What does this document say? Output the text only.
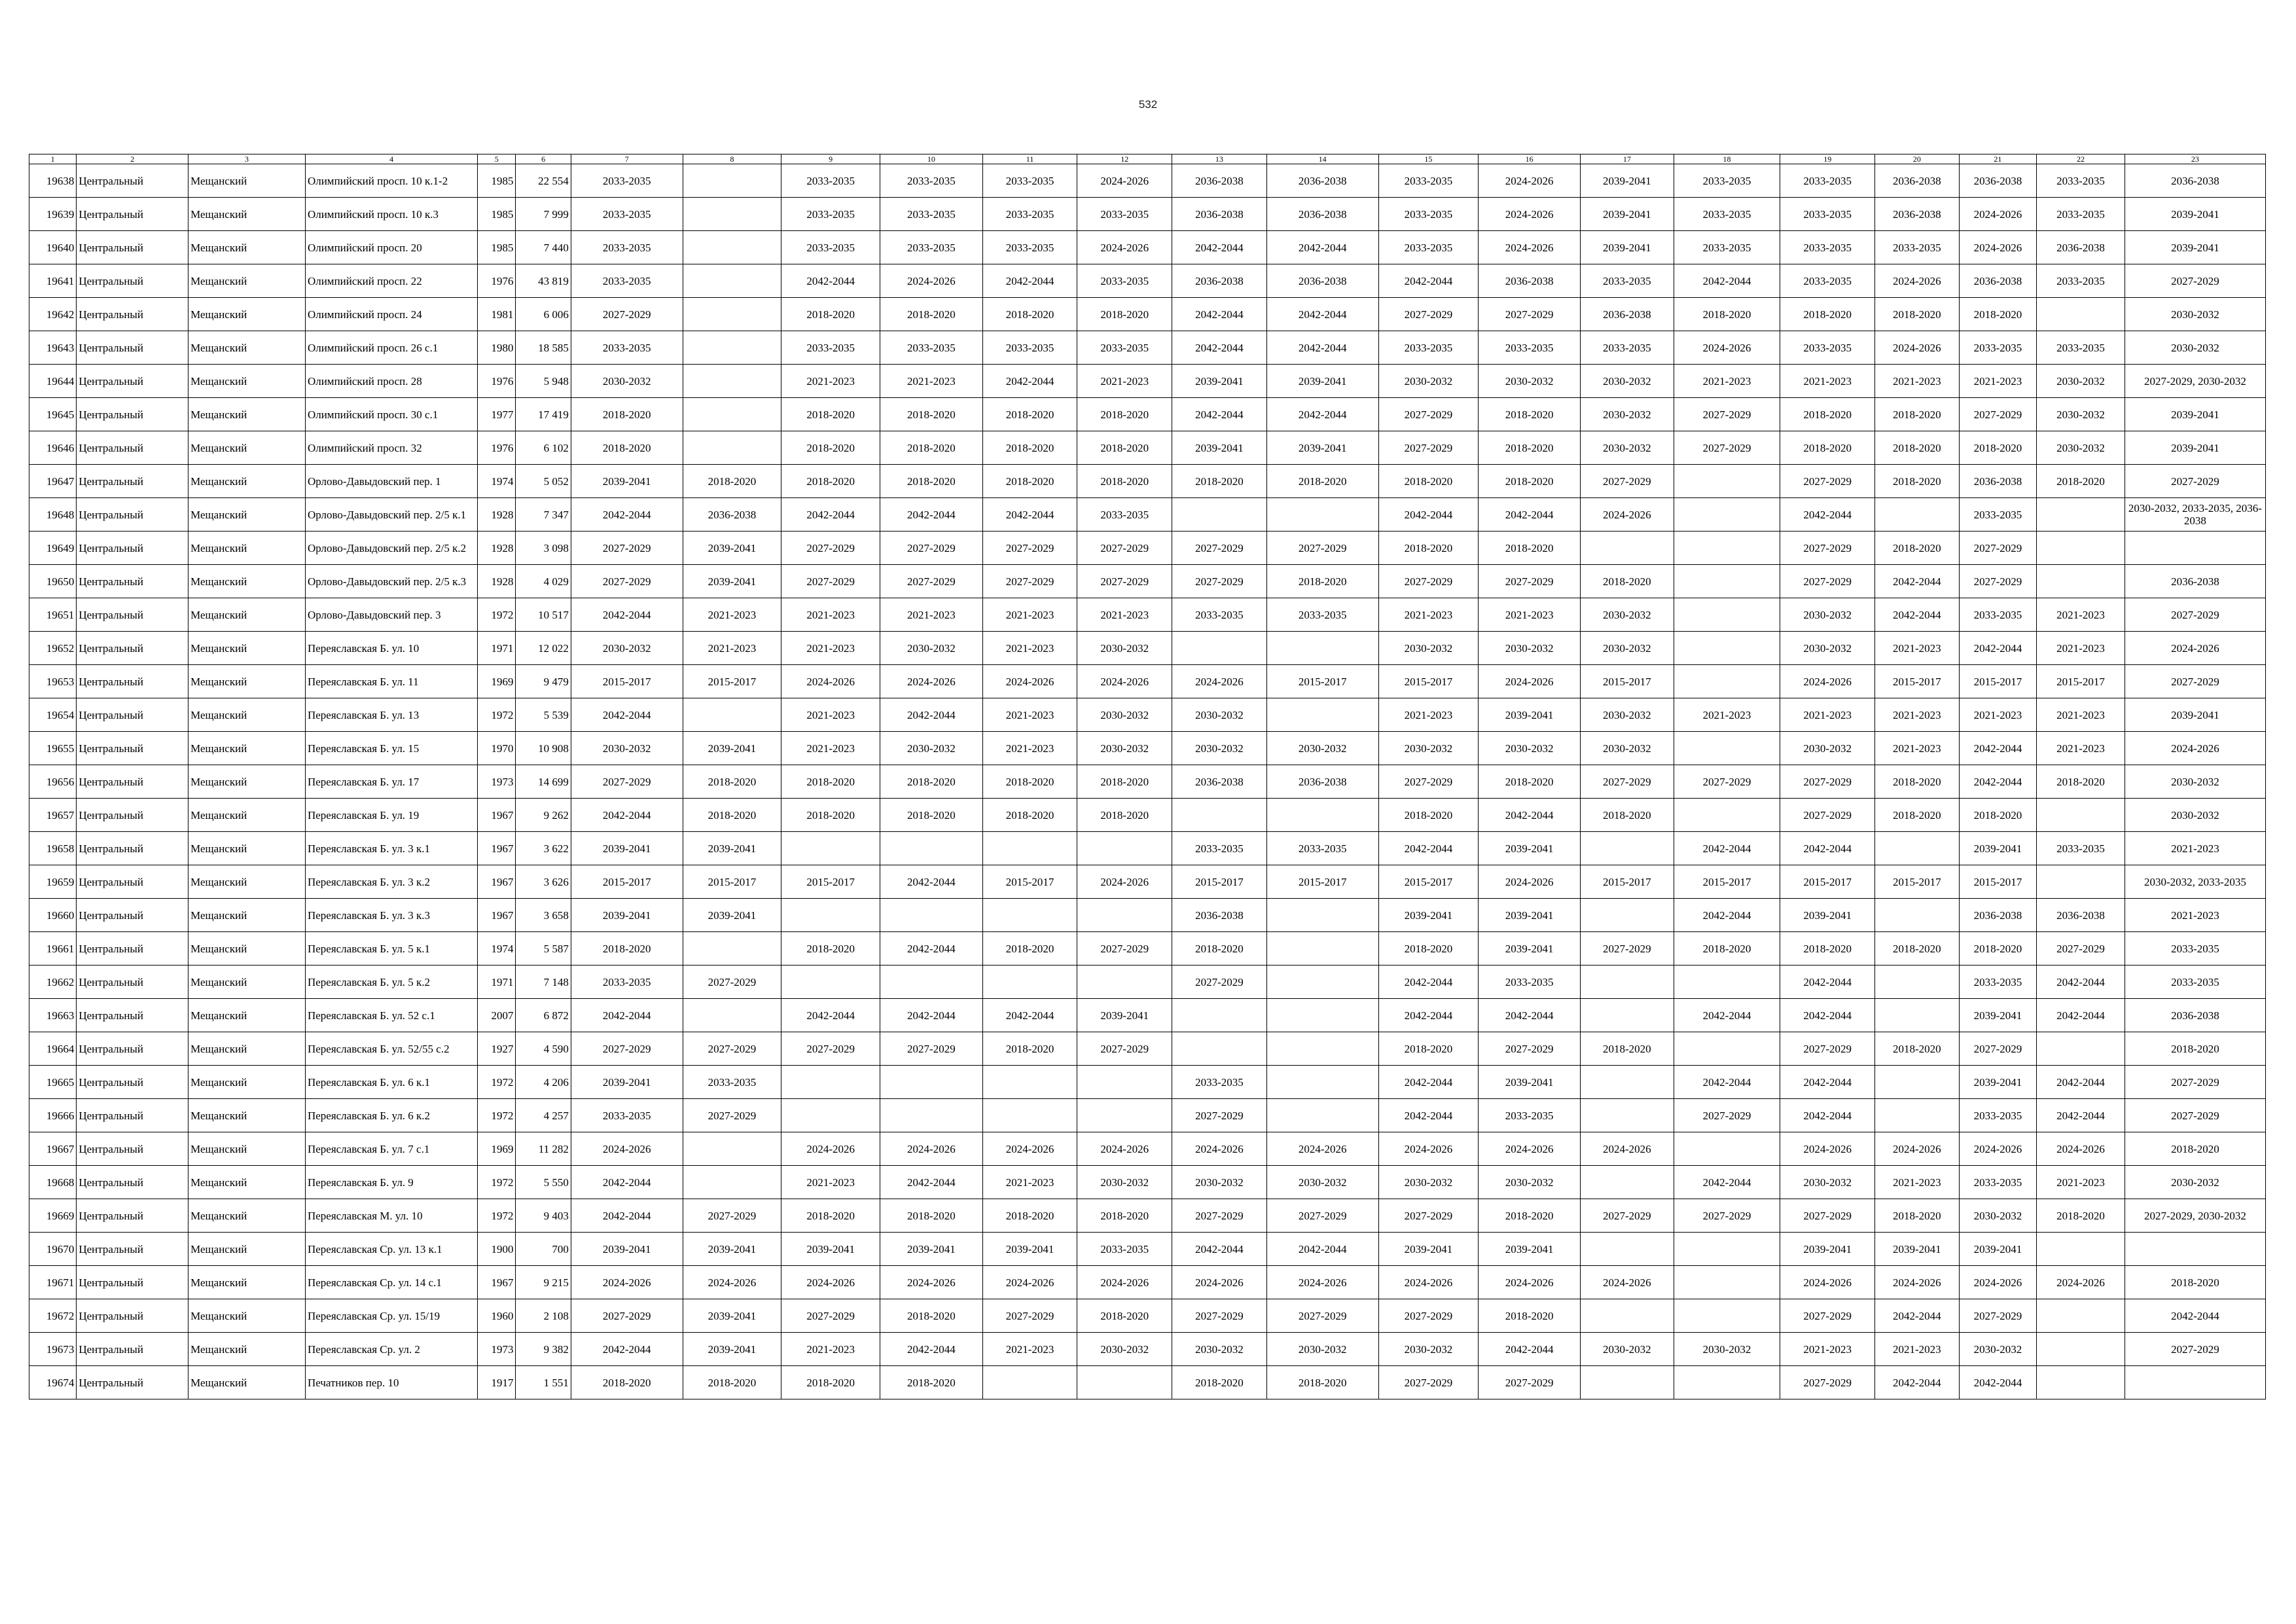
532
1	2	3	4	5	6	7	8	9	10	11	12	13	14	15	16	17	18	19	20	21	22	23
19638	Центральный	Мещанский	Олимпийский просп. 10 к.1-2	1985	22 554	2033-2035		2033-2035	2033-2035	2033-2035	2024-2026	2036-2038	2036-2038	2033-2035	2024-2026	2039-2041	2033-2035	2033-2035	2036-2038	2036-2038	2033-2035	2036-2038
19639	Центральный	Мещанский	Олимпийский просп. 10 к.3	1985	7 999	2033-2035		2033-2035	2033-2035	2033-2035	2033-2035	2036-2038	2036-2038	2033-2035	2024-2026	2039-2041	2033-2035	2033-2035	2036-2038	2024-2026	2033-2035	2039-2041
19640	Центральный	Мещанский	Олимпийский просп. 20	1985	7 440	2033-2035		2033-2035	2033-2035	2033-2035	2024-2026	2042-2044	2042-2044	2033-2035	2024-2026	2039-2041	2033-2035	2033-2035	2033-2035	2024-2026	2036-2038	2039-2041
19641	Центральный	Мещанский	Олимпийский просп. 22	1976	43 819	2033-2035		2042-2044	2024-2026	2042-2044	2033-2035	2036-2038	2036-2038	2042-2044	2036-2038	2033-2035	2042-2044	2033-2035	2024-2026	2036-2038	2033-2035	2027-2029
19642	Центральный	Мещанский	Олимпийский просп. 24	1981	6 006	2027-2029		2018-2020	2018-2020	2018-2020	2018-2020	2042-2044	2042-2044	2027-2029	2027-2029	2036-2038	2018-2020	2018-2020	2018-2020	2018-2020		2030-2032
19643	Центральный	Мещанский	Олимпийский просп. 26 с.1	1980	18 585	2033-2035		2033-2035	2033-2035	2033-2035	2033-2035	2042-2044	2042-2044	2033-2035	2033-2035	2033-2035	2024-2026	2033-2035	2024-2026	2033-2035	2033-2035	2030-2032
19644	Центральный	Мещанский	Олимпийский просп. 28	1976	5 948	2030-2032		2021-2023	2021-2023	2042-2044	2021-2023	2039-2041	2039-2041	2030-2032	2030-2032	2030-2032	2021-2023	2021-2023	2021-2023	2021-2023	2030-2032	2027-2029, 2030-2032
19645	Центральный	Мещанский	Олимпийский просп. 30 с.1	1977	17 419	2018-2020		2018-2020	2018-2020	2018-2020	2018-2020	2042-2044	2042-2044	2027-2029	2018-2020	2030-2032	2027-2029	2018-2020	2018-2020	2027-2029	2030-2032	2039-2041
19646	Центральный	Мещанский	Олимпийский просп. 32	1976	6 102	2018-2020		2018-2020	2018-2020	2018-2020	2018-2020	2039-2041	2039-2041	2027-2029	2018-2020	2030-2032	2027-2029	2018-2020	2018-2020	2018-2020	2030-2032	2039-2041
19647	Центральный	Мещанский	Орлово-Давыдовский пер. 1	1974	5 052	2039-2041	2018-2020	2018-2020	2018-2020	2018-2020	2018-2020	2018-2020	2018-2020	2018-2020	2018-2020	2027-2029		2027-2029	2018-2020	2036-2038	2018-2020	2027-2029
19648	Центральный	Мещанский	Орлово-Давыдовский пер. 2/5 к.1	1928	7 347	2042-2044	2036-2038	2042-2044	2042-2044	2042-2044	2033-2035			2042-2044	2042-2044	2024-2026		2042-2044		2033-2035		2030-2032, 2033-2035, 2036-2038
19649	Центральный	Мещанский	Орлово-Давыдовский пер. 2/5 к.2	1928	3 098	2027-2029	2039-2041	2027-2029	2027-2029	2027-2029	2027-2029	2027-2029	2027-2029	2018-2020	2018-2020			2027-2029	2018-2020	2027-2029		
19650	Центральный	Мещанский	Орлово-Давыдовский пер. 2/5 к.3	1928	4 029	2027-2029	2039-2041	2027-2029	2027-2029	2027-2029	2027-2029	2027-2029	2018-2020	2027-2029	2027-2029	2018-2020		2027-2029	2042-2044	2027-2029		2036-2038
19651	Центральный	Мещанский	Орлово-Давыдовский пер. 3	1972	10 517	2042-2044	2021-2023	2021-2023	2021-2023	2021-2023	2021-2023	2033-2035	2033-2035	2021-2023	2021-2023	2030-2032		2030-2032	2042-2044	2033-2035	2021-2023	2027-2029
19652	Центральный	Мещанский	Переяславская Б. ул. 10	1971	12 022	2030-2032	2021-2023	2021-2023	2030-2032	2021-2023	2030-2032			2030-2032	2030-2032	2030-2032		2030-2032	2021-2023	2042-2044	2021-2023	2024-2026
19653	Центральный	Мещанский	Переяславская Б. ул. 11	1969	9 479	2015-2017	2015-2017	2024-2026	2024-2026	2024-2026	2024-2026	2024-2026	2015-2017	2015-2017	2024-2026	2015-2017		2024-2026	2015-2017	2015-2017	2015-2017	2027-2029
19654	Центральный	Мещанский	Переяславская Б. ул. 13	1972	5 539	2042-2044		2021-2023	2042-2044	2021-2023	2030-2032	2030-2032		2021-2023	2039-2041	2030-2032	2021-2023	2021-2023	2021-2023	2021-2023	2021-2023	2039-2041
19655	Центральный	Мещанский	Переяславская Б. ул. 15	1970	10 908	2030-2032	2039-2041	2021-2023	2030-2032	2021-2023	2030-2032	2030-2032	2030-2032	2030-2032	2030-2032	2030-2032		2030-2032	2021-2023	2042-2044	2021-2023	2024-2026
19656	Центральный	Мещанский	Переяславская Б. ул. 17	1973	14 699	2027-2029	2018-2020	2018-2020	2018-2020	2018-2020	2018-2020	2036-2038	2036-2038	2027-2029	2018-2020	2027-2029	2027-2029	2027-2029	2018-2020	2042-2044	2018-2020	2030-2032
19657	Центральный	Мещанский	Переяславская Б. ул. 19	1967	9 262	2042-2044	2018-2020	2018-2020	2018-2020	2018-2020	2018-2020			2018-2020	2042-2044	2018-2020		2027-2029	2018-2020	2018-2020		2030-2032
19658	Центральный	Мещанский	Переяславская Б. ул. 3 к.1	1967	3 622	2039-2041	2039-2041					2033-2035	2033-2035	2042-2044	2039-2041		2042-2044	2042-2044		2039-2041	2033-2035	2021-2023
19659	Центральный	Мещанский	Переяславская Б. ул. 3 к.2	1967	3 626	2015-2017	2015-2017	2015-2017	2042-2044	2015-2017	2024-2026	2015-2017	2015-2017	2015-2017	2024-2026	2015-2017	2015-2017	2015-2017	2015-2017	2015-2017		2030-2032, 2033-2035
19660	Центральный	Мещанский	Переяславская Б. ул. 3 к.3	1967	3 658	2039-2041	2039-2041					2036-2038		2039-2041	2039-2041		2042-2044	2039-2041		2036-2038	2036-2038	2021-2023
19661	Центральный	Мещанский	Переяславская Б. ул. 5 к.1	1974	5 587	2018-2020		2018-2020	2042-2044	2018-2020	2027-2029	2018-2020		2018-2020	2039-2041	2027-2029	2018-2020	2018-2020	2018-2020	2018-2020	2027-2029	2033-2035
19662	Центральный	Мещанский	Переяславская Б. ул. 5 к.2	1971	7 148	2033-2035	2027-2029					2027-2029		2042-2044	2033-2035			2042-2044		2033-2035	2042-2044	2033-2035
19663	Центральный	Мещанский	Переяславская Б. ул. 52 с.1	2007	6 872	2042-2044		2042-2044	2042-2044	2042-2044	2039-2041			2042-2044	2042-2044		2042-2044	2042-2044		2039-2041	2042-2044	2036-2038
19664	Центральный	Мещанский	Переяславская Б. ул. 52/55 с.2	1927	4 590	2027-2029	2027-2029	2027-2029	2027-2029	2018-2020	2027-2029			2018-2020	2027-2029	2018-2020		2027-2029	2018-2020	2027-2029		2018-2020
19665	Центральный	Мещанский	Переяславская Б. ул. 6 к.1	1972	4 206	2039-2041	2033-2035					2033-2035		2042-2044	2039-2041		2042-2044	2042-2044		2039-2041	2042-2044	2027-2029
19666	Центральный	Мещанский	Переяславская Б. ул. 6 к.2	1972	4 257	2033-2035	2027-2029					2027-2029		2042-2044	2033-2035		2027-2029	2042-2044		2033-2035	2042-2044	2027-2029
19667	Центральный	Мещанский	Переяславская Б. ул. 7 с.1	1969	11 282	2024-2026		2024-2026	2024-2026	2024-2026	2024-2026	2024-2026	2024-2026	2024-2026	2024-2026	2024-2026		2024-2026	2024-2026	2024-2026	2024-2026	2018-2020
19668	Центральный	Мещанский	Переяславская Б. ул. 9	1972	5 550	2042-2044		2021-2023	2042-2044	2021-2023	2030-2032	2030-2032	2030-2032	2030-2032	2030-2032		2042-2044	2030-2032	2021-2023	2033-2035	2021-2023	2030-2032
19669	Центральный	Мещанский	Переяславская М. ул. 10	1972	9 403	2042-2044	2027-2029	2018-2020	2018-2020	2018-2020	2018-2020	2027-2029	2027-2029	2027-2029	2018-2020	2027-2029	2027-2029	2027-2029	2018-2020	2030-2032	2018-2020	2027-2029, 2030-2032
19670	Центральный	Мещанский	Переяславская Ср. ул. 13 к.1	1900	700	2039-2041	2039-2041	2039-2041	2039-2041	2039-2041	2033-2035	2042-2044	2042-2044	2039-2041	2039-2041			2039-2041	2039-2041	2039-2041		
19671	Центральный	Мещанский	Переяславская Ср. ул. 14 с.1	1967	9 215	2024-2026	2024-2026	2024-2026	2024-2026	2024-2026	2024-2026	2024-2026	2024-2026	2024-2026	2024-2026	2024-2026		2024-2026	2024-2026	2024-2026	2024-2026	2018-2020
19672	Центральный	Мещанский	Переяславская Ср. ул. 15/19	1960	2 108	2027-2029	2039-2041	2027-2029	2018-2020	2027-2029	2018-2020	2027-2029	2027-2029	2027-2029	2018-2020			2027-2029	2042-2044	2027-2029		2042-2044
19673	Центральный	Мещанский	Переяславская Ср. ул. 2	1973	9 382	2042-2044	2039-2041	2021-2023	2042-2044	2021-2023	2030-2032	2030-2032	2030-2032	2030-2032	2042-2044	2030-2032	2030-2032	2021-2023	2021-2023	2030-2032		2027-2029
19674	Центральный	Мещанский	Печатников пер. 10	1917	1 551	2018-2020	2018-2020	2018-2020	2018-2020			2018-2020	2018-2020	2027-2029	2027-2029			2027-2029	2042-2044	2042-2044		
